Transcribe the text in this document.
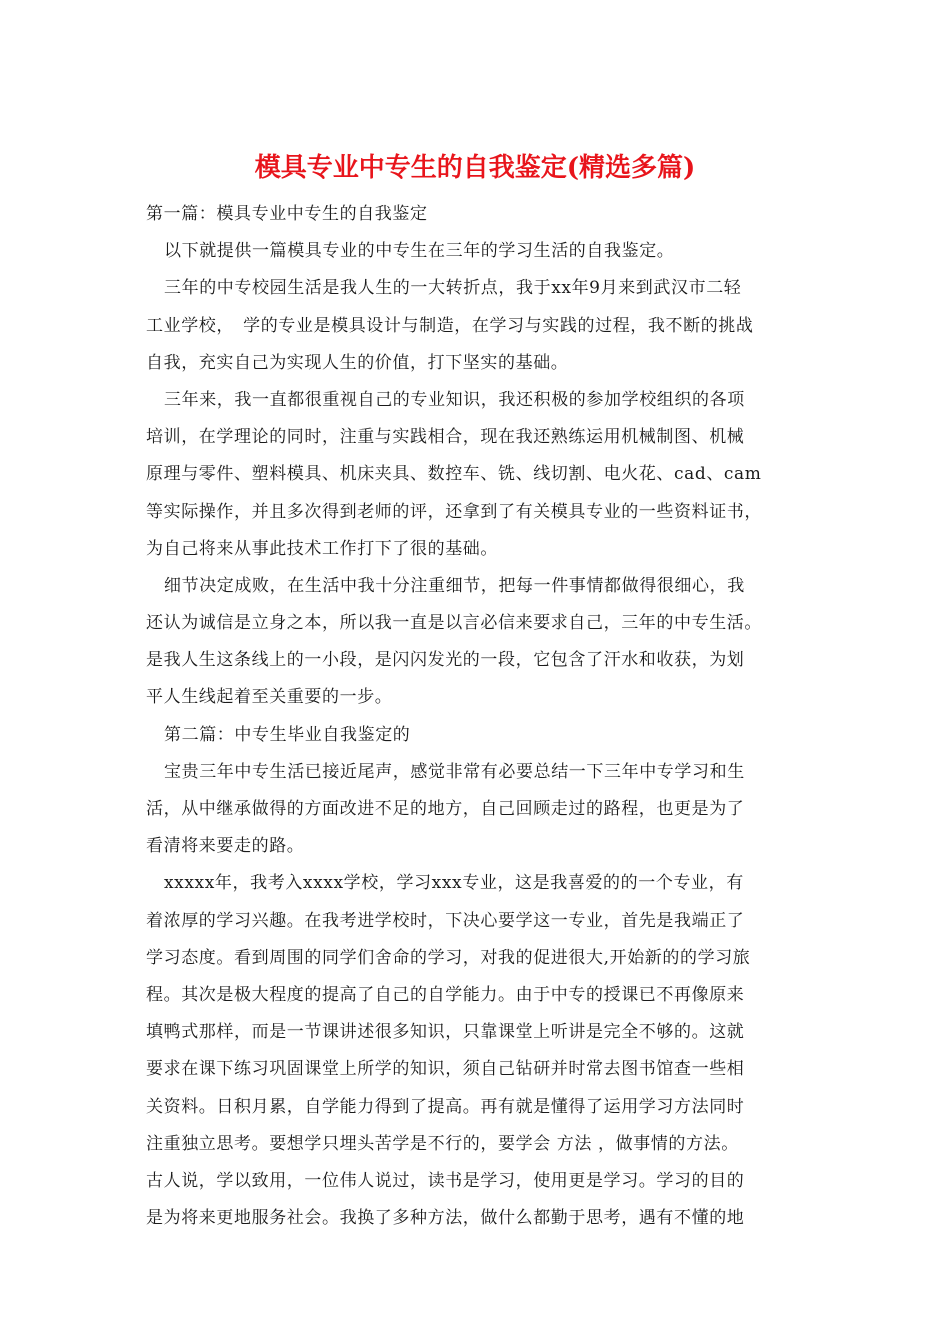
模具专业中专生的自我鉴定(精选多篇)
第一篇：模具专业中专生的自我鉴定
以下就提供一篇模具专业的中专生在三年的学习生活的自我鉴定。
三年的中专校园生活是我人生的一大转折点，我于xx年9月来到武汉市二轻
工业学校，　学的专业是模具设计与制造，在学习与实践的过程，我不断的挑战
自我，充实自己为实现人生的价值，打下坚实的基础。
三年来，我一直都很重视自己的专业知识，我还积极的参加学校组织的各项
培训，在学理论的同时，注重与实践相合，现在我还熟练运用机械制图、机械
原理与零件、塑料模具、机床夹具、数控车、铣、线切割、电火花、cad、cam
等实际操作，并且多次得到老师的评，还拿到了有关模具专业的一些资料证书，
为自己将来从事此技术工作打下了很的基础。
细节决定成败，在生活中我十分注重细节，把每一件事情都做得很细心，我
还认为诚信是立身之本，所以我一直是以言必信来要求自己，三年的中专生活。
是我人生这条线上的一小段，是闪闪发光的一段，它包含了汗水和收获，为划
平人生线起着至关重要的一步。
第二篇：中专生毕业自我鉴定的
宝贵三年中专生活已接近尾声，感觉非常有必要总结一下三年中专学习和生
活，从中继承做得的方面改进不足的地方，自己回顾走过的路程，也更是为了
看清将来要走的路。
xxxxx年，我考入xxxx学校，学习xxx专业，这是我喜爱的的一个专业，有
着浓厚的学习兴趣。在我考进学校时，下决心要学这一专业，首先是我端正了
学习态度。看到周围的同学们舍命的学习，对我的促进很大,开始新的的学习旅
程。其次是极大程度的提高了自己的自学能力。由于中专的授课已不再像原来
填鸭式那样，而是一节课讲述很多知识，只靠课堂上听讲是完全不够的。这就
要求在课下练习巩固课堂上所学的知识，须自己钻研并时常去图书馆查一些相
关资料。日积月累，自学能力得到了提高。再有就是懂得了运用学习方法同时
注重独立思考。要想学只埋头苦学是不行的，要学会 方法 ，做事情的方法。
古人说，学以致用，一位伟人说过，读书是学习，使用更是学习。学习的目的
是为将来更地服务社会。我换了多种方法，做什么都勤于思考，遇有不懂的地
